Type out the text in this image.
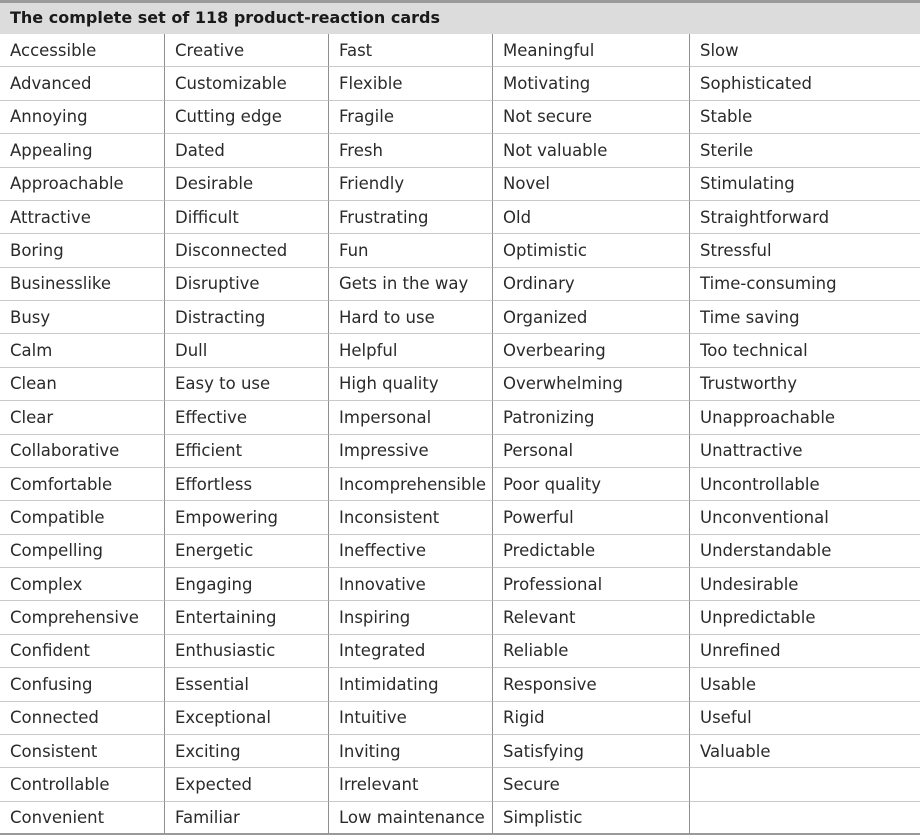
The complete set of 118 product-reaction cards
Accessible
Advanced
Annoying
Appealing
Approachable
Attractive
Boring
Businesslike
Busy
Calm
Clean
Clear
Collaborative
Comfortable
Compatible
Compelling
Complex
Comprehensive
Confident
Confusing
Connected
Consistent
Controllable
Convenient
Creative
Customizable
Cutting edge
Dated
Desirable
Difficult
Disconnected
Disruptive
Distracting
Dull
Easy to use
Effective
Efficient
Effortless
Empowering
Energetic
Engaging
Entertaining
Enthusiastic
Essential
Exceptional
Exciting
Expected
Familiar
Fast
Flexible
Fragile
Fresh
Friendly
Frustrating
Fun
Gets in the way
Hard to use
Helpful
High quality
Impersonal
Impressive
Incomprehensible
Inconsistent
Ineffective
Innovative
Inspiring
Integrated
Intimidating
Intuitive
Inviting
Irrelevant
Low maintenance
Meaningful
Motivating
Not secure
Not valuable
Novel
Old
Optimistic
Ordinary
Organized
Overbearing
Overwhelming
Patronizing
Personal
Poor quality
Powerful
Predictable
Professional
Relevant
Reliable
Responsive
Rigid
Satisfying
Secure
Simplistic
Slow
Sophisticated
Stable
Sterile
Stimulating
Straightforward
Stressful
Time-consuming
Time saving
Too technical
Trustworthy
Unapproachable
Unattractive
Uncontrollable
Unconventional
Understandable
Undesirable
Unpredictable
Unrefined
Usable
Useful
Valuable
